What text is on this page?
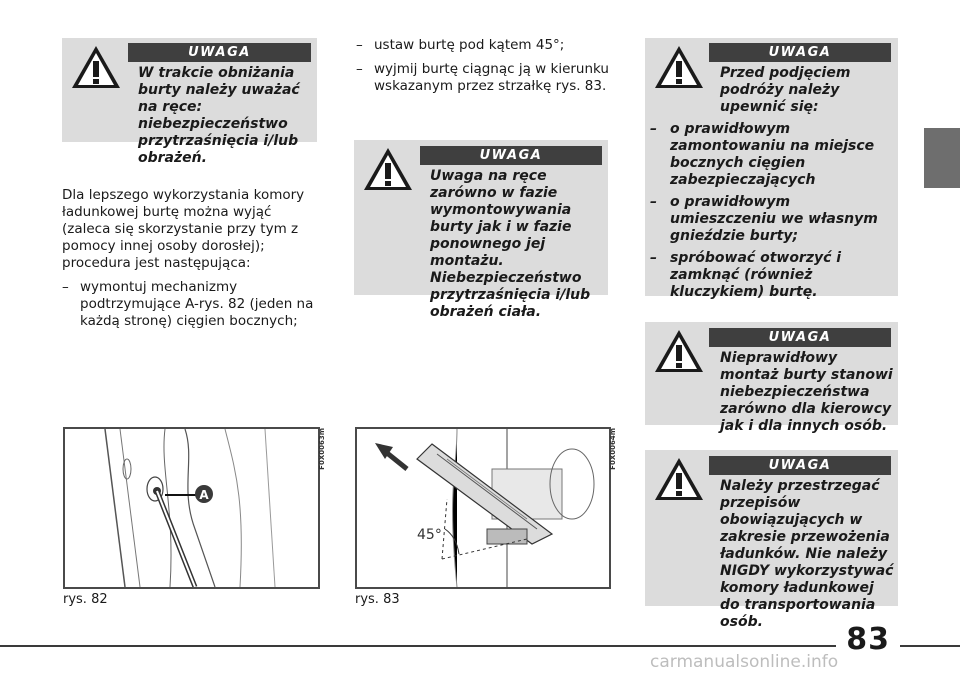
UWAGA

W trakcie obniżania burty należy uważać na ręce: niebezpieczeństwo przytrzaśnięcia i/lub obrażeń.

Dla lepszego wykorzystania komory ładunkowej burtę można wyjąć (zaleca się skorzystanie przy tym z pomocy innej osoby dorosłej); procedura jest następująca:

– wymontuj mechanizmy podtrzymujące A-rys. 82 (jeden na każdą stronę) cięgien bocznych;
– ustaw burtę pod kątem 45°;
– wyjmij burtę ciągnąc ją w kierunku wskazanym przez strzałkę rys. 83.
UWAGA

Uwaga na ręce zarówno w fazie wymontowywania burty jak i w fazie ponownego jej montażu. Niebezpieczeństwo przytrzaśnięcia i/lub obrażeń ciała.

UWAGA

Przed podjęciem podróży należy upewnić się:

– o prawidłowym zamontowaniu na miejsce bocznych cięgien zabezpieczających
– o prawidłowym umieszczeniu we własnym gnieździe burty;
– spróbować otworzyć i zamknąć (również kluczykiem) burtę.
UWAGA

Nieprawidłowy montaż burty stanowi niebezpieczeństwa zarówno dla kierowcy jak i dla innych osób.

UWAGA

Należy przestrzegać przepisów obowiązujących w zakresie przewożenia ładunków. Nie należy NIGDY wykorzystywać komory ładunkowej do transportowania osób.

A
F0X0063m
rys. 82
45°
F0X0064m
rys. 83
83
carmanualsonline.info
